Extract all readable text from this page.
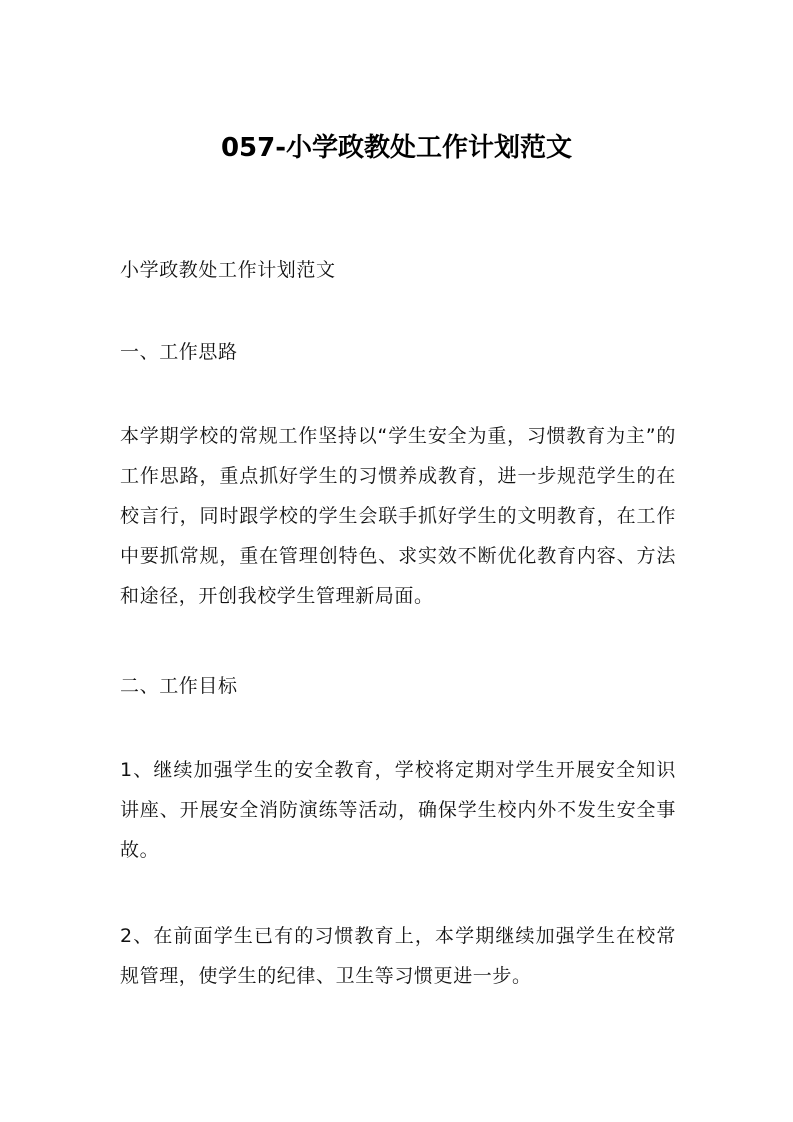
057-小学政教处工作计划范文
小学政教处工作计划范文
一、工作思路
本学期学校的常规工作坚持以“学生安全为重，习惯教育为主”的工作思路，重点抓好学生的习惯养成教育，进一步规范学生的在校言行，同时跟学校的学生会联手抓好学生的文明教育，在工作中要抓常规，重在管理创特色、求实效不断优化教育内容、方法和途径，开创我校学生管理新局面。
二、工作目标
1、继续加强学生的安全教育，学校将定期对学生开展安全知识讲座、开展安全消防演练等活动，确保学生校内外不发生安全事故。
2、在前面学生已有的习惯教育上，本学期继续加强学生在校常规管理，使学生的纪律、卫生等习惯更进一步。
